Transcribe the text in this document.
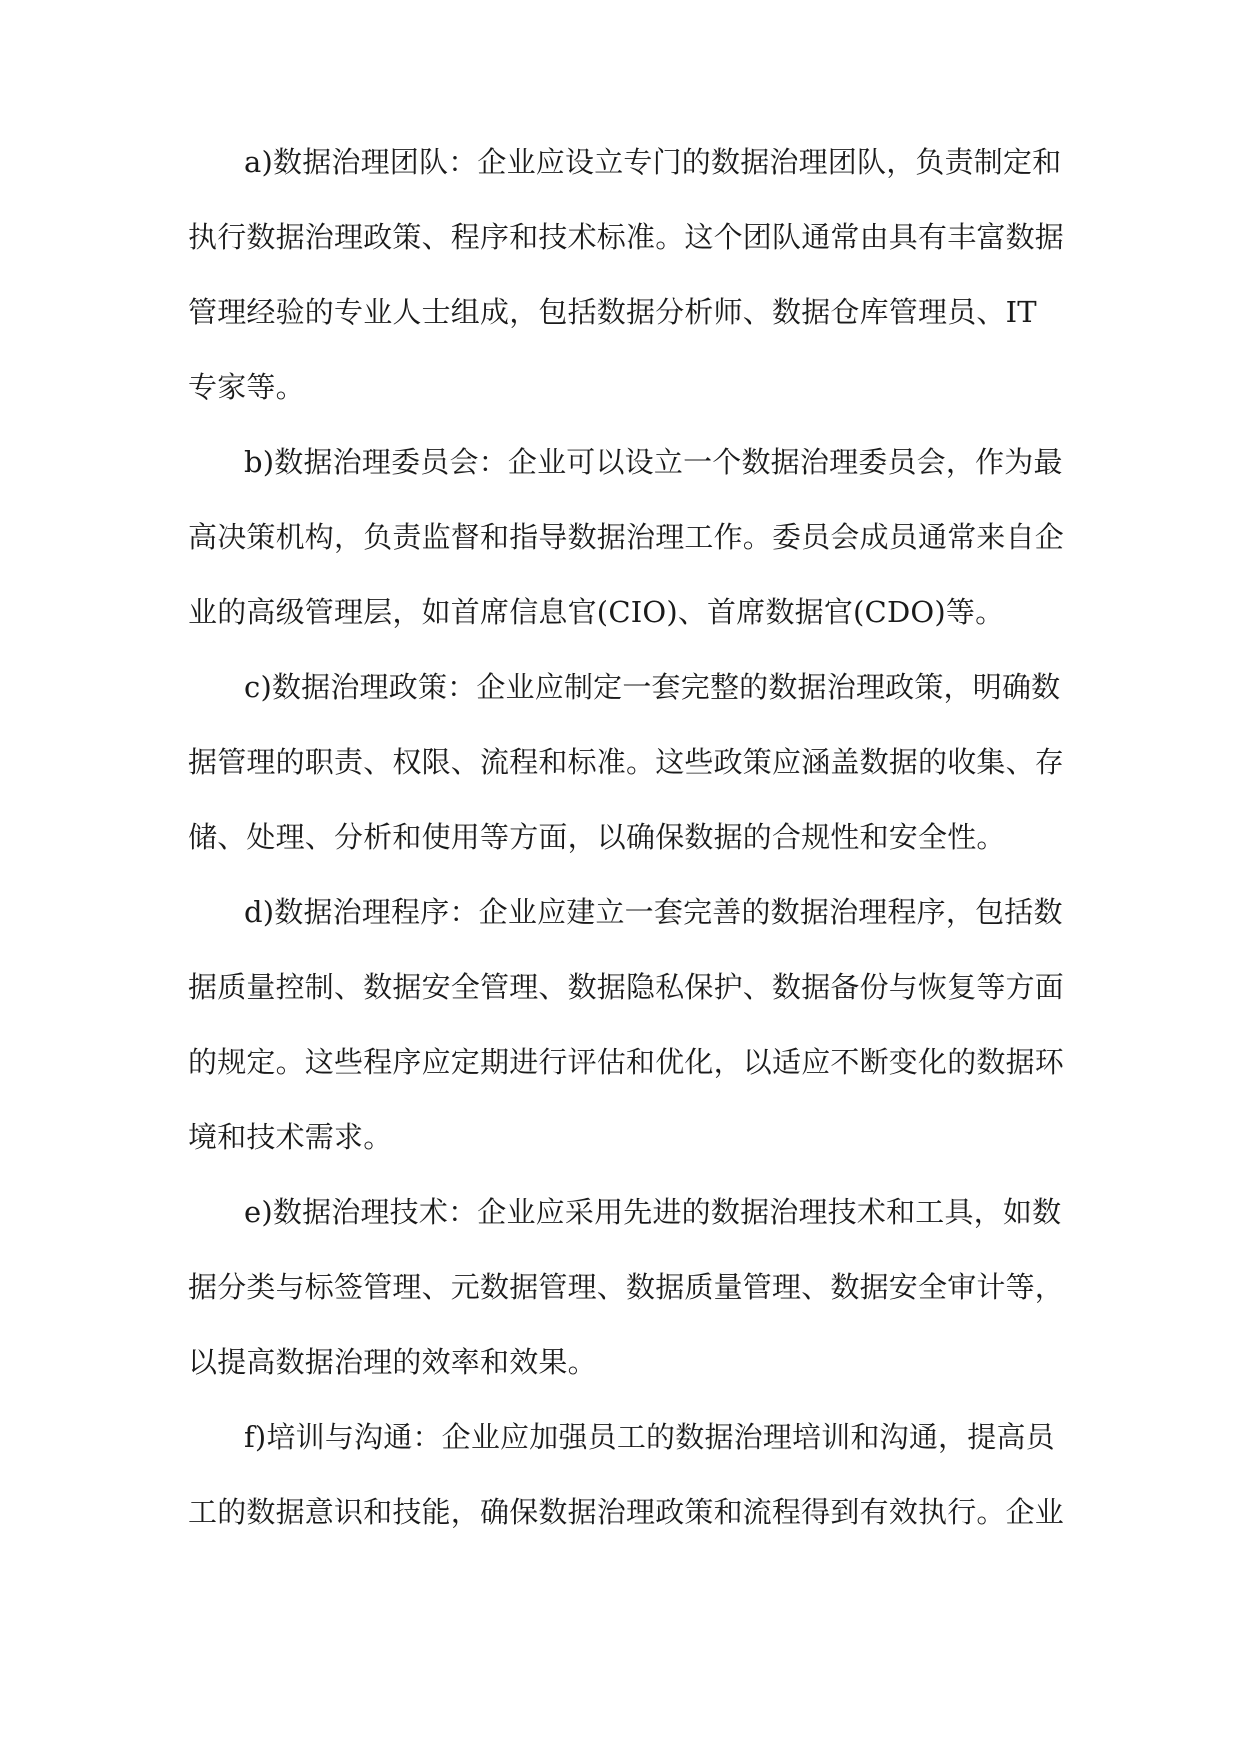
a)数据治理团队：企业应设立专门的数据治理团队，负责制定和
执行数据治理政策、程序和技术标准。这个团队通常由具有丰富数据
管理经验的专业人士组成，包括数据分析师、数据仓库管理员、IT
专家等。
b)数据治理委员会：企业可以设立一个数据治理委员会，作为最
高决策机构，负责监督和指导数据治理工作。委员会成员通常来自企
业的高级管理层，如首席信息官(CIO)、首席数据官(CDO)等。
c)数据治理政策：企业应制定一套完整的数据治理政策，明确数
据管理的职责、权限、流程和标准。这些政策应涵盖数据的收集、存
储、处理、分析和使用等方面，以确保数据的合规性和安全性。
d)数据治理程序：企业应建立一套完善的数据治理程序，包括数
据质量控制、数据安全管理、数据隐私保护、数据备份与恢复等方面
的规定。这些程序应定期进行评估和优化，以适应不断变化的数据环
境和技术需求。
e)数据治理技术：企业应采用先进的数据治理技术和工具，如数
据分类与标签管理、元数据管理、数据质量管理、数据安全审计等，
以提高数据治理的效率和效果。
f)培训与沟通：企业应加强员工的数据治理培训和沟通，提高员
工的数据意识和技能，确保数据治理政策和流程得到有效执行。企业
